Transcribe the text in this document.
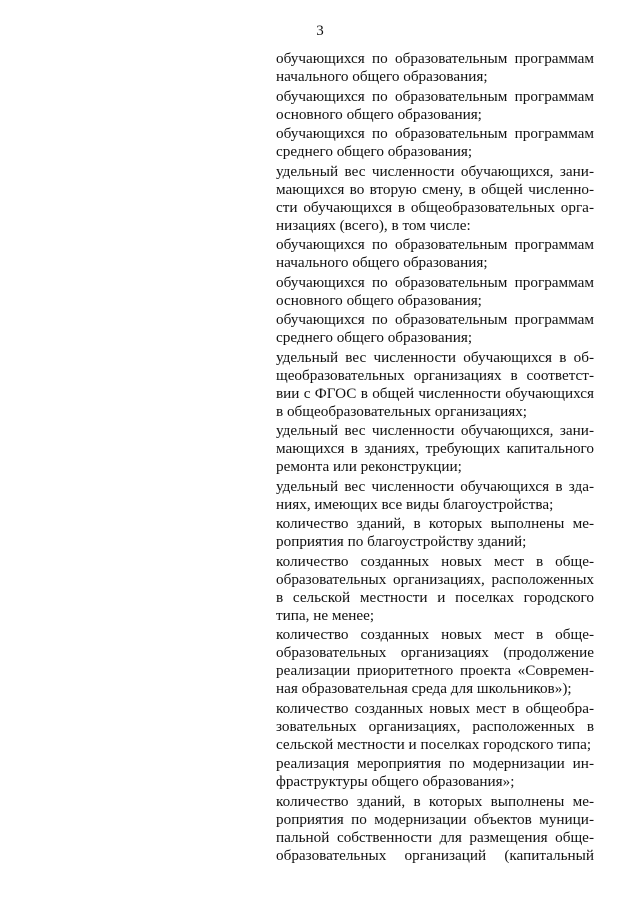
3

обучающихся по образовательным программам начального общего образования;

обучающихся по образовательным программам основного общего образования;

обучающихся по образовательным программам среднего общего образования;

удельный вес численности обучающихся, занимающихся во вторую смену, в общей численности обучающихся в общеобразовательных организациях (всего), в том числе:

обучающихся по образовательным программам начального общего образования;

обучающихся по образовательным программам основного общего образования;

обучающихся по образовательным программам среднего общего образования;

удельный вес численности обучающихся в общеобразовательных организациях в соответствии с ФГОС в общей численности обучающихся в общеобразовательных организациях;

удельный вес численности обучающихся, занимающихся в зданиях, требующих капитального ремонта или реконструкции;

удельный вес численности обучающихся в зданиях, имеющих все виды благоустройства;

количество зданий, в которых выполнены мероприятия по благоустройству зданий;

количество созданных новых мест в общеобразовательных организациях, расположенных в сельской местности и поселках городского типа, не менее;

количество созданных новых мест в общеобразовательных организациях (продолжение реализации приоритетного проекта «Современная образовательная среда для школьников»);

количество созданных новых мест в общеобразовательных организациях, расположенных в сельской местности и поселках городского типа;

реализация мероприятия по модернизации инфраструктуры общего образования»;

количество зданий, в которых выполнены мероприятия по модернизации объектов муниципальной собственности для размещения общеобразовательных организаций (капитальный
